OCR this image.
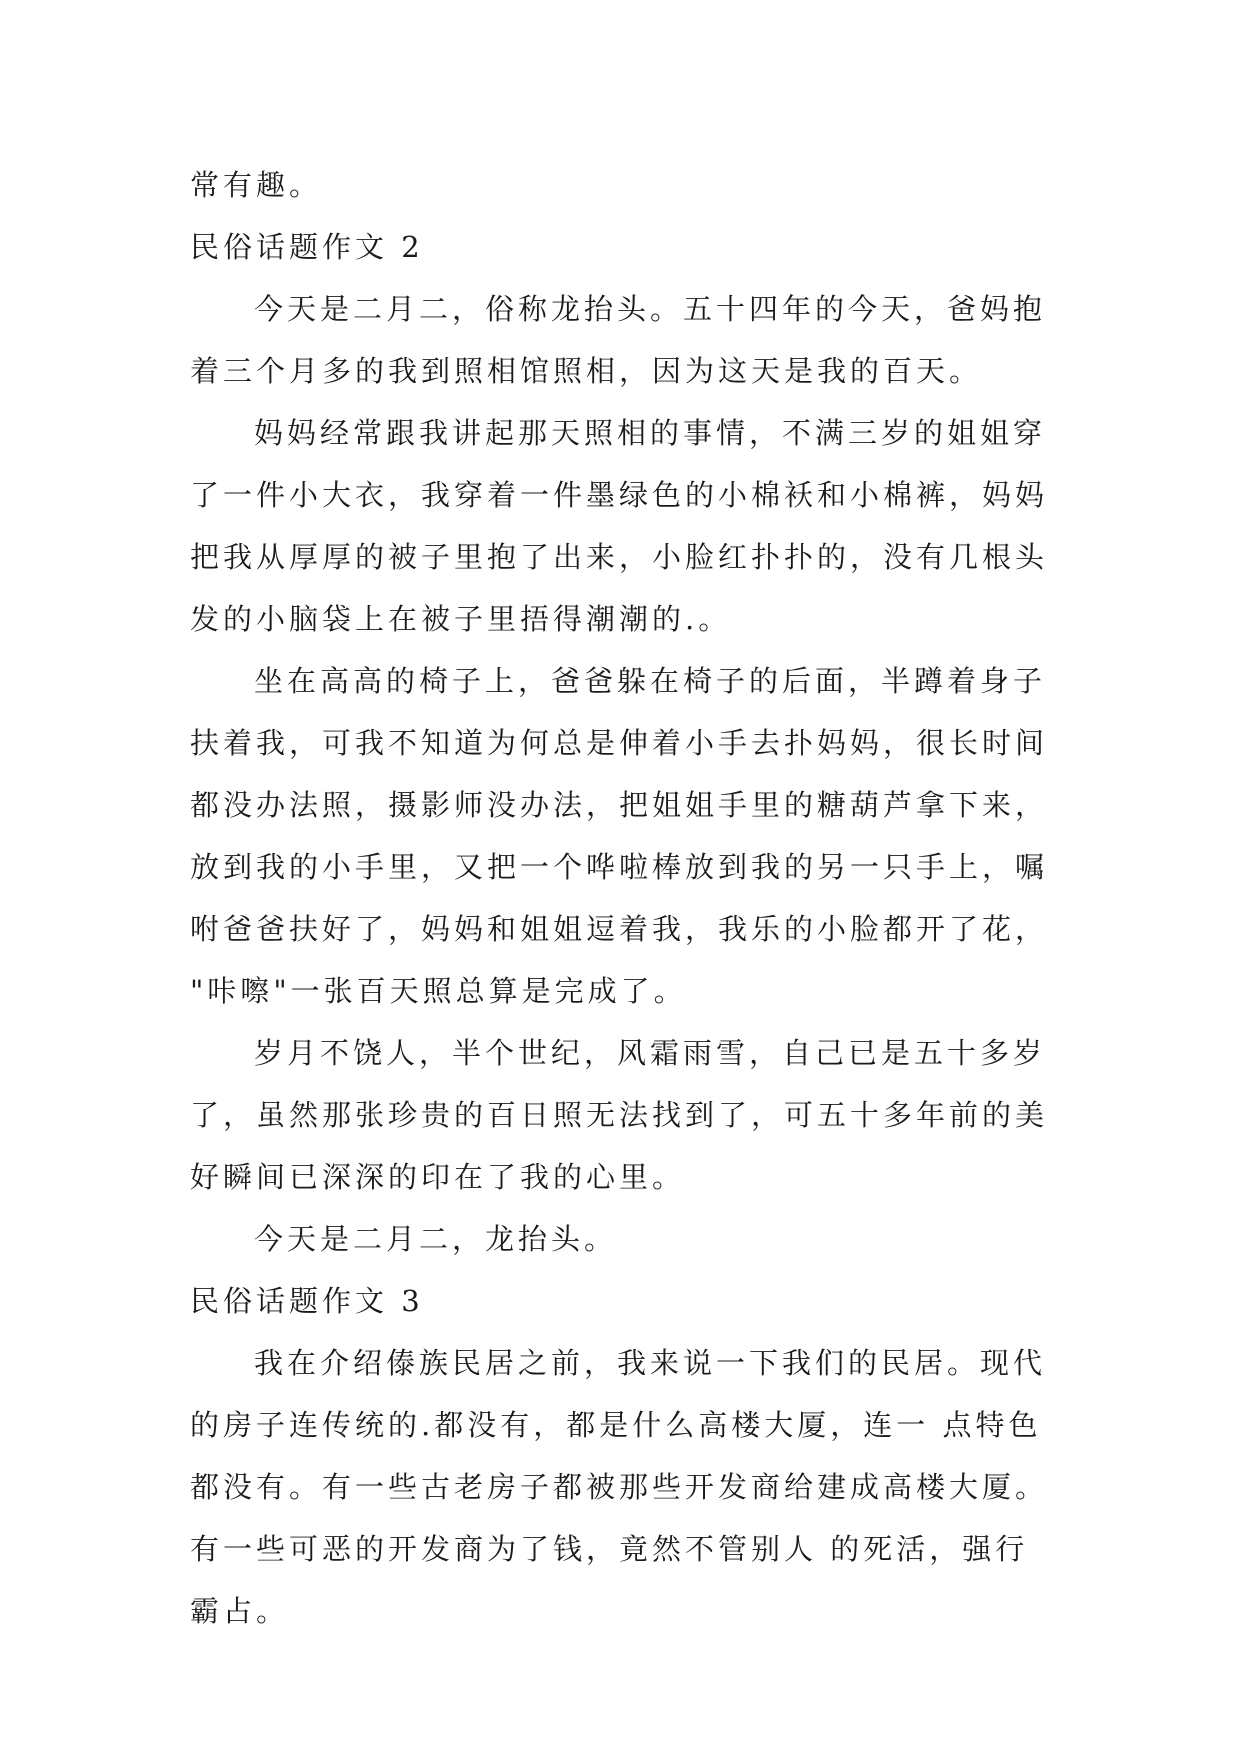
常有趣。
民俗话题作文 2
今天是二月二，俗称龙抬头。五十四年的今天，爸妈抱
着三个月多的我到照相馆照相，因为这天是我的百天。
妈妈经常跟我讲起那天照相的事情，不满三岁的姐姐穿
了一件小大衣，我穿着一件墨绿色的小棉袄和小棉裤，妈妈
把我从厚厚的被子里抱了出来，小脸红扑扑的，没有几根头
发的小脑袋上在被子里捂得潮潮的.。
坐在高高的椅子上，爸爸躲在椅子的后面，半蹲着身子
扶着我，可我不知道为何总是伸着小手去扑妈妈，很长时间
都没办法照，摄影师没办法，把姐姐手里的糖葫芦拿下来，
放到我的小手里，又把一个哗啦棒放到我的另一只手上，嘱
咐爸爸扶好了，妈妈和姐姐逗着我，我乐的小脸都开了花，
"咔嚓"一张百天照总算是完成了。
岁月不饶人，半个世纪，风霜雨雪，自己已是五十多岁
了，虽然那张珍贵的百日照无法找到了，可五十多年前的美
好瞬间已深深的印在了我的心里。
今天是二月二，龙抬头。
民俗话题作文 3
我在介绍傣族民居之前，我来说一下我们的民居。现代
的房子连传统的.都没有，都是什么高楼大厦，连一 点特色
都没有。有一些古老房子都被那些开发商给建成高楼大厦。
有一些可恶的开发商为了钱，竟然不管别人 的死活，强行
霸占。
